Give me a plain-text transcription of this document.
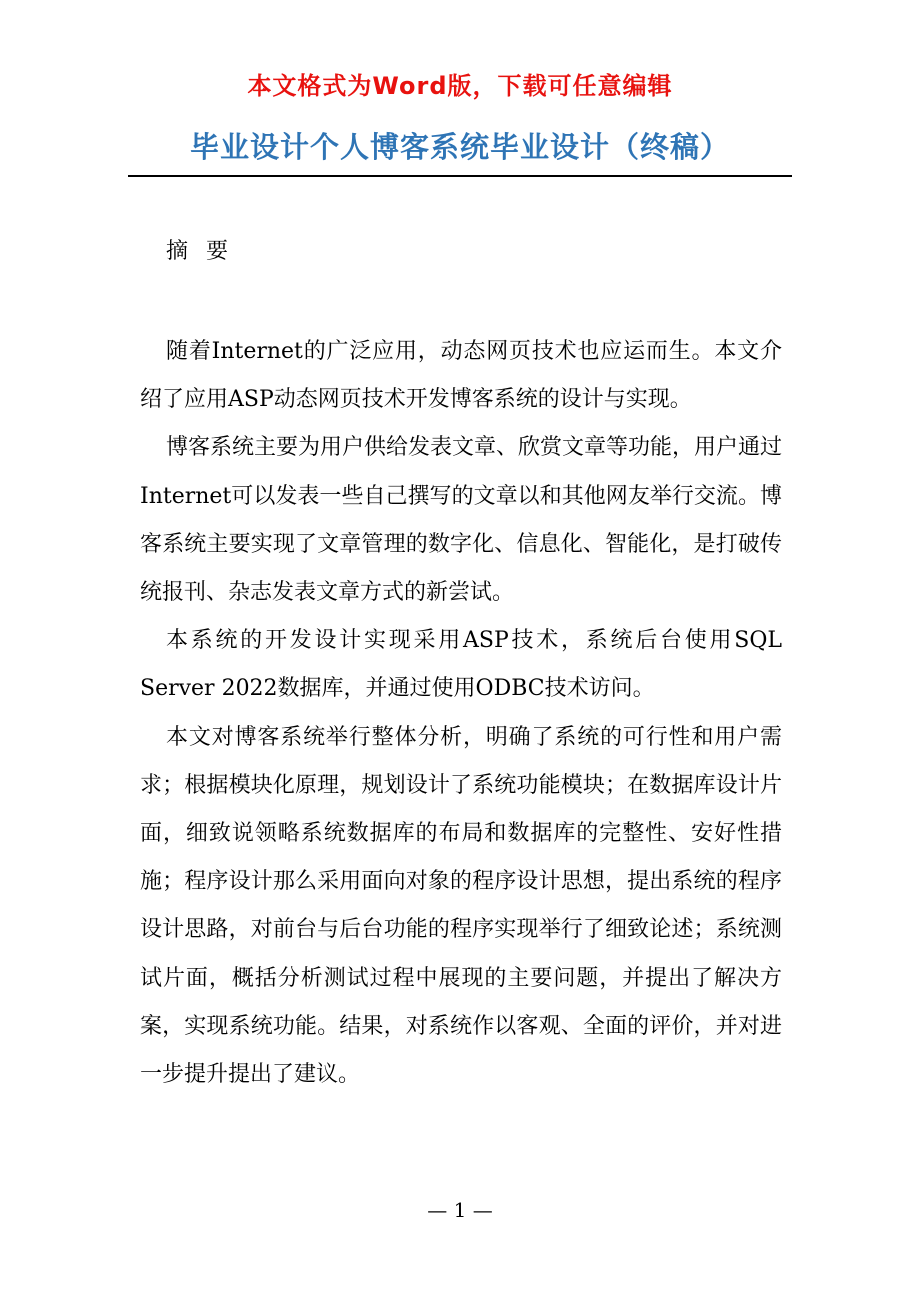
本文格式为Word版，下载可任意编辑
毕业设计个人博客系统毕业设计（终稿）
摘要

随着Internet的广泛应用，动态网页技术也应运而生。本文介绍了应用ASP动态网页技术开发博客系统的设计与实现。

博客系统主要为用户供给发表文章、欣赏文章等功能，用户通过Internet可以发表一些自己撰写的文章以和其他网友举行交流。博客系统主要实现了文章管理的数字化、信息化、智能化，是打破传统报刊、杂志发表文章方式的新尝试。

本系统的开发设计实现采用ASP技术，系统后台使用SQL Server 2022数据库，并通过使用ODBC技术访问。

本文对博客系统举行整体分析，明确了系统的可行性和用户需求；根据模块化原理，规划设计了系统功能模块；在数据库设计片面，细致说领略系统数据库的布局和数据库的完整性、安好性措施；程序设计那么采用面向对象的程序设计思想，提出系统的程序设计思路，对前台与后台功能的程序实现举行了细致论述；系统测试片面，概括分析测试过程中展现的主要问题，并提出了解决方案，实现系统功能。结果，对系统作以客观、全面的评价，并对进一步提升提出了建议。

— 1 —
